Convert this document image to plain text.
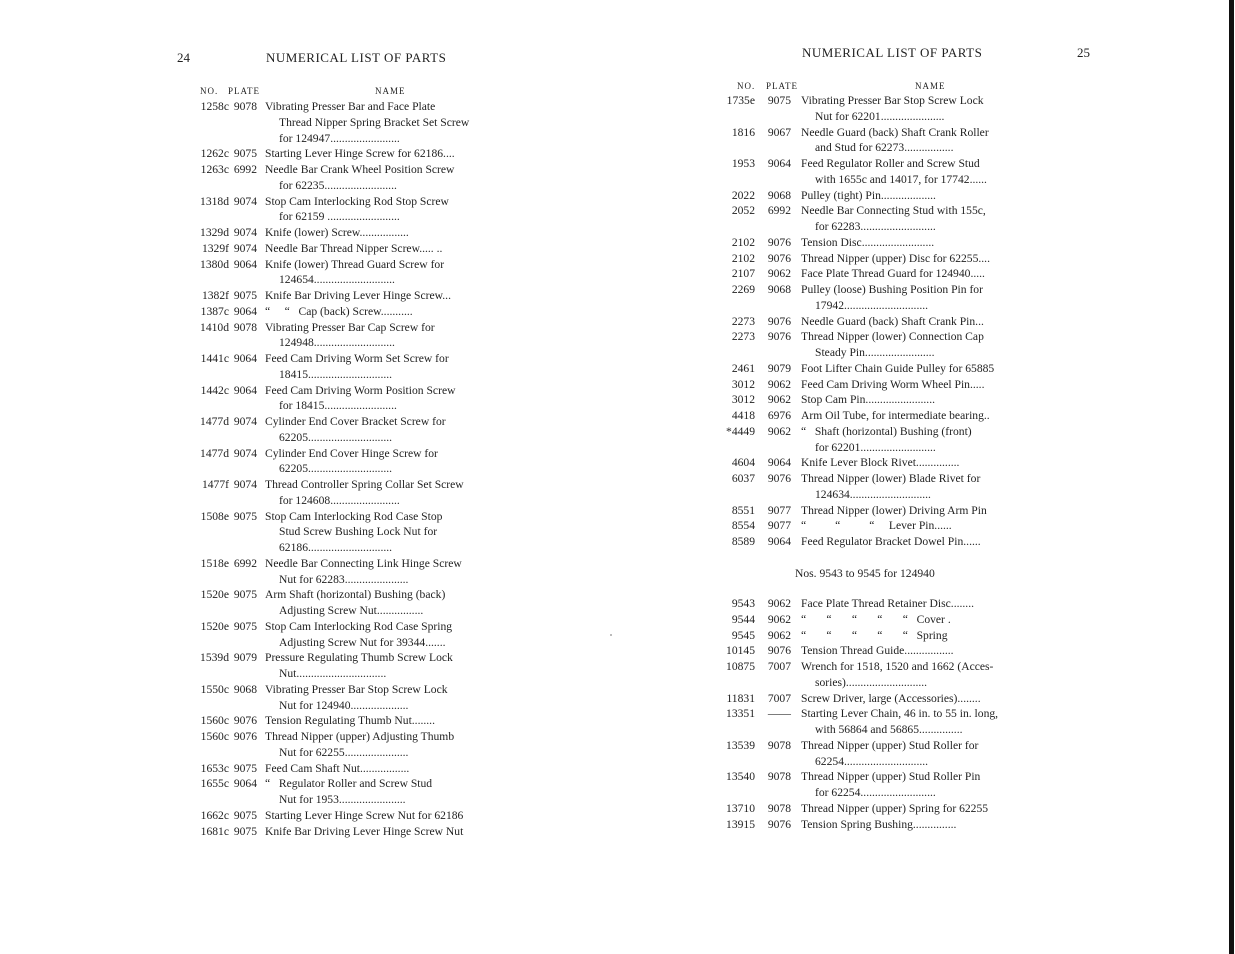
24	NUMERICAL LIST OF PARTS
NO. PLATE	NAME
1258c 9078 Vibrating Presser Bar and Face Plate
Thread Nipper Spring Bracket Set Screw
for 124947........................
1262c 9075 Starting Lever Hinge Screw for 62186....
1263c 6992 Needle Bar Crank Wheel Position Screw
for 62235.........................
1318d 9074 Stop Cam Interlocking Rod Stop Screw
for 62159 .........................
1329d 9074 Knife (lower) Screw.................
1329f 9074 Needle Bar Thread Nipper Screw..... ..
1380d 9064 Knife (lower) Thread Guard Screw for
124654............................
1382f 9075 Knife Bar Driving Lever Hinge Screw...
1387c 9064 “     “   Cap (back) Screw...........
1410d 9078 Vibrating Presser Bar Cap Screw for
124948............................
1441c 9064 Feed Cam Driving Worm Set Screw for
18415.............................
1442c 9064 Feed Cam Driving Worm Position Screw
for 18415.........................
1477d 9074 Cylinder End Cover Bracket Screw for
62205.............................
1477d 9074 Cylinder End Cover Hinge Screw for
62205.............................
1477f 9074 Thread Controller Spring Collar Set Screw
for 124608........................
1508e 9075 Stop Cam Interlocking Rod Case Stop
Stud Screw Bushing Lock Nut for
62186.............................
1518e 6992 Needle Bar Connecting Link Hinge Screw
Nut for 62283......................
1520e 9075 Arm Shaft (horizontal) Bushing (back)
Adjusting Screw Nut................
1520e 9075 Stop Cam Interlocking Rod Case Spring
Adjusting Screw Nut for 39344.......
1539d 9079 Pressure Regulating Thumb Screw Lock
Nut...............................
1550c 9068 Vibrating Presser Bar Stop Screw Lock
Nut for 124940....................
1560c 9076 Tension Regulating Thumb Nut........
1560c 9076 Thread Nipper (upper) Adjusting Thumb
Nut for 62255......................
1653c 9075 Feed Cam Shaft Nut.................
1655c 9064 “   Regulator Roller and Screw Stud
Nut for 1953.......................
1662c 9075 Starting Lever Hinge Screw Nut for 62186
1681c 9075 Knife Bar Driving Lever Hinge Screw Nut
NUMERICAL LIST OF PARTS	25
NO. PLATE	NAME
1735e	9075 Vibrating Presser Bar Stop Screw Lock
Nut for 62201......................
1816	9067 Needle Guard (back) Shaft Crank Roller
and Stud for 62273.................
1953	9064 Feed Regulator Roller and Screw Stud
with 1655c and 14017, for 17742......
2022	9068 Pulley (tight) Pin...................
2052	6992 Needle Bar Connecting Stud with 155c,
for 62283..........................
2102	9076 Tension Disc.........................
2102	9076 Thread Nipper (upper) Disc for 62255....
2107	9062 Face Plate Thread Guard for 124940.....
2269	9068 Pulley (loose) Bushing Position Pin for
17942.............................
2273	9076 Needle Guard (back) Shaft Crank Pin...
2273	9076 Thread Nipper (lower) Connection Cap
Steady Pin........................
2461	9079 Foot Lifter Chain Guide Pulley for 65885
3012	9062 Feed Cam Driving Worm Wheel Pin.....
3012	9062 Stop Cam Pin........................
4418	6976 Arm Oil Tube, for intermediate bearing..
*4449	9062 “   Shaft (horizontal) Bushing (front)
for 62201..........................
4604	9064 Knife Lever Block Rivet...............
6037	9076 Thread Nipper (lower) Blade Rivet for
124634............................
8551	9077 Thread Nipper (lower) Driving Arm Pin
8554	9077 “          “          “     Lever Pin......
8589	9064 Feed Regulator Bracket Dowel Pin......
Nos. 9543 to 9545 for 124940
9543	9062 Face Plate Thread Retainer Disc........
9544	9062 “       “       “       “       “   Cover .
9545	9062 “       “       “       “       “   Spring
10145	9076 Tension Thread Guide.................
10875	7007 Wrench for 1518, 1520 and 1662 (Acces-
sories)............................
11831	7007 Screw Driver, large (Accessories)........
13351	—— Starting Lever Chain, 46 in. to 55 in. long,
with 56864 and 56865...............
13539	9078 Thread Nipper (upper) Stud Roller for
62254.............................
13540	9078 Thread Nipper (upper) Stud Roller Pin
for 62254..........................
13710	9078 Thread Nipper (upper) Spring for 62255
13915	9076 Tension Spring Bushing...............
